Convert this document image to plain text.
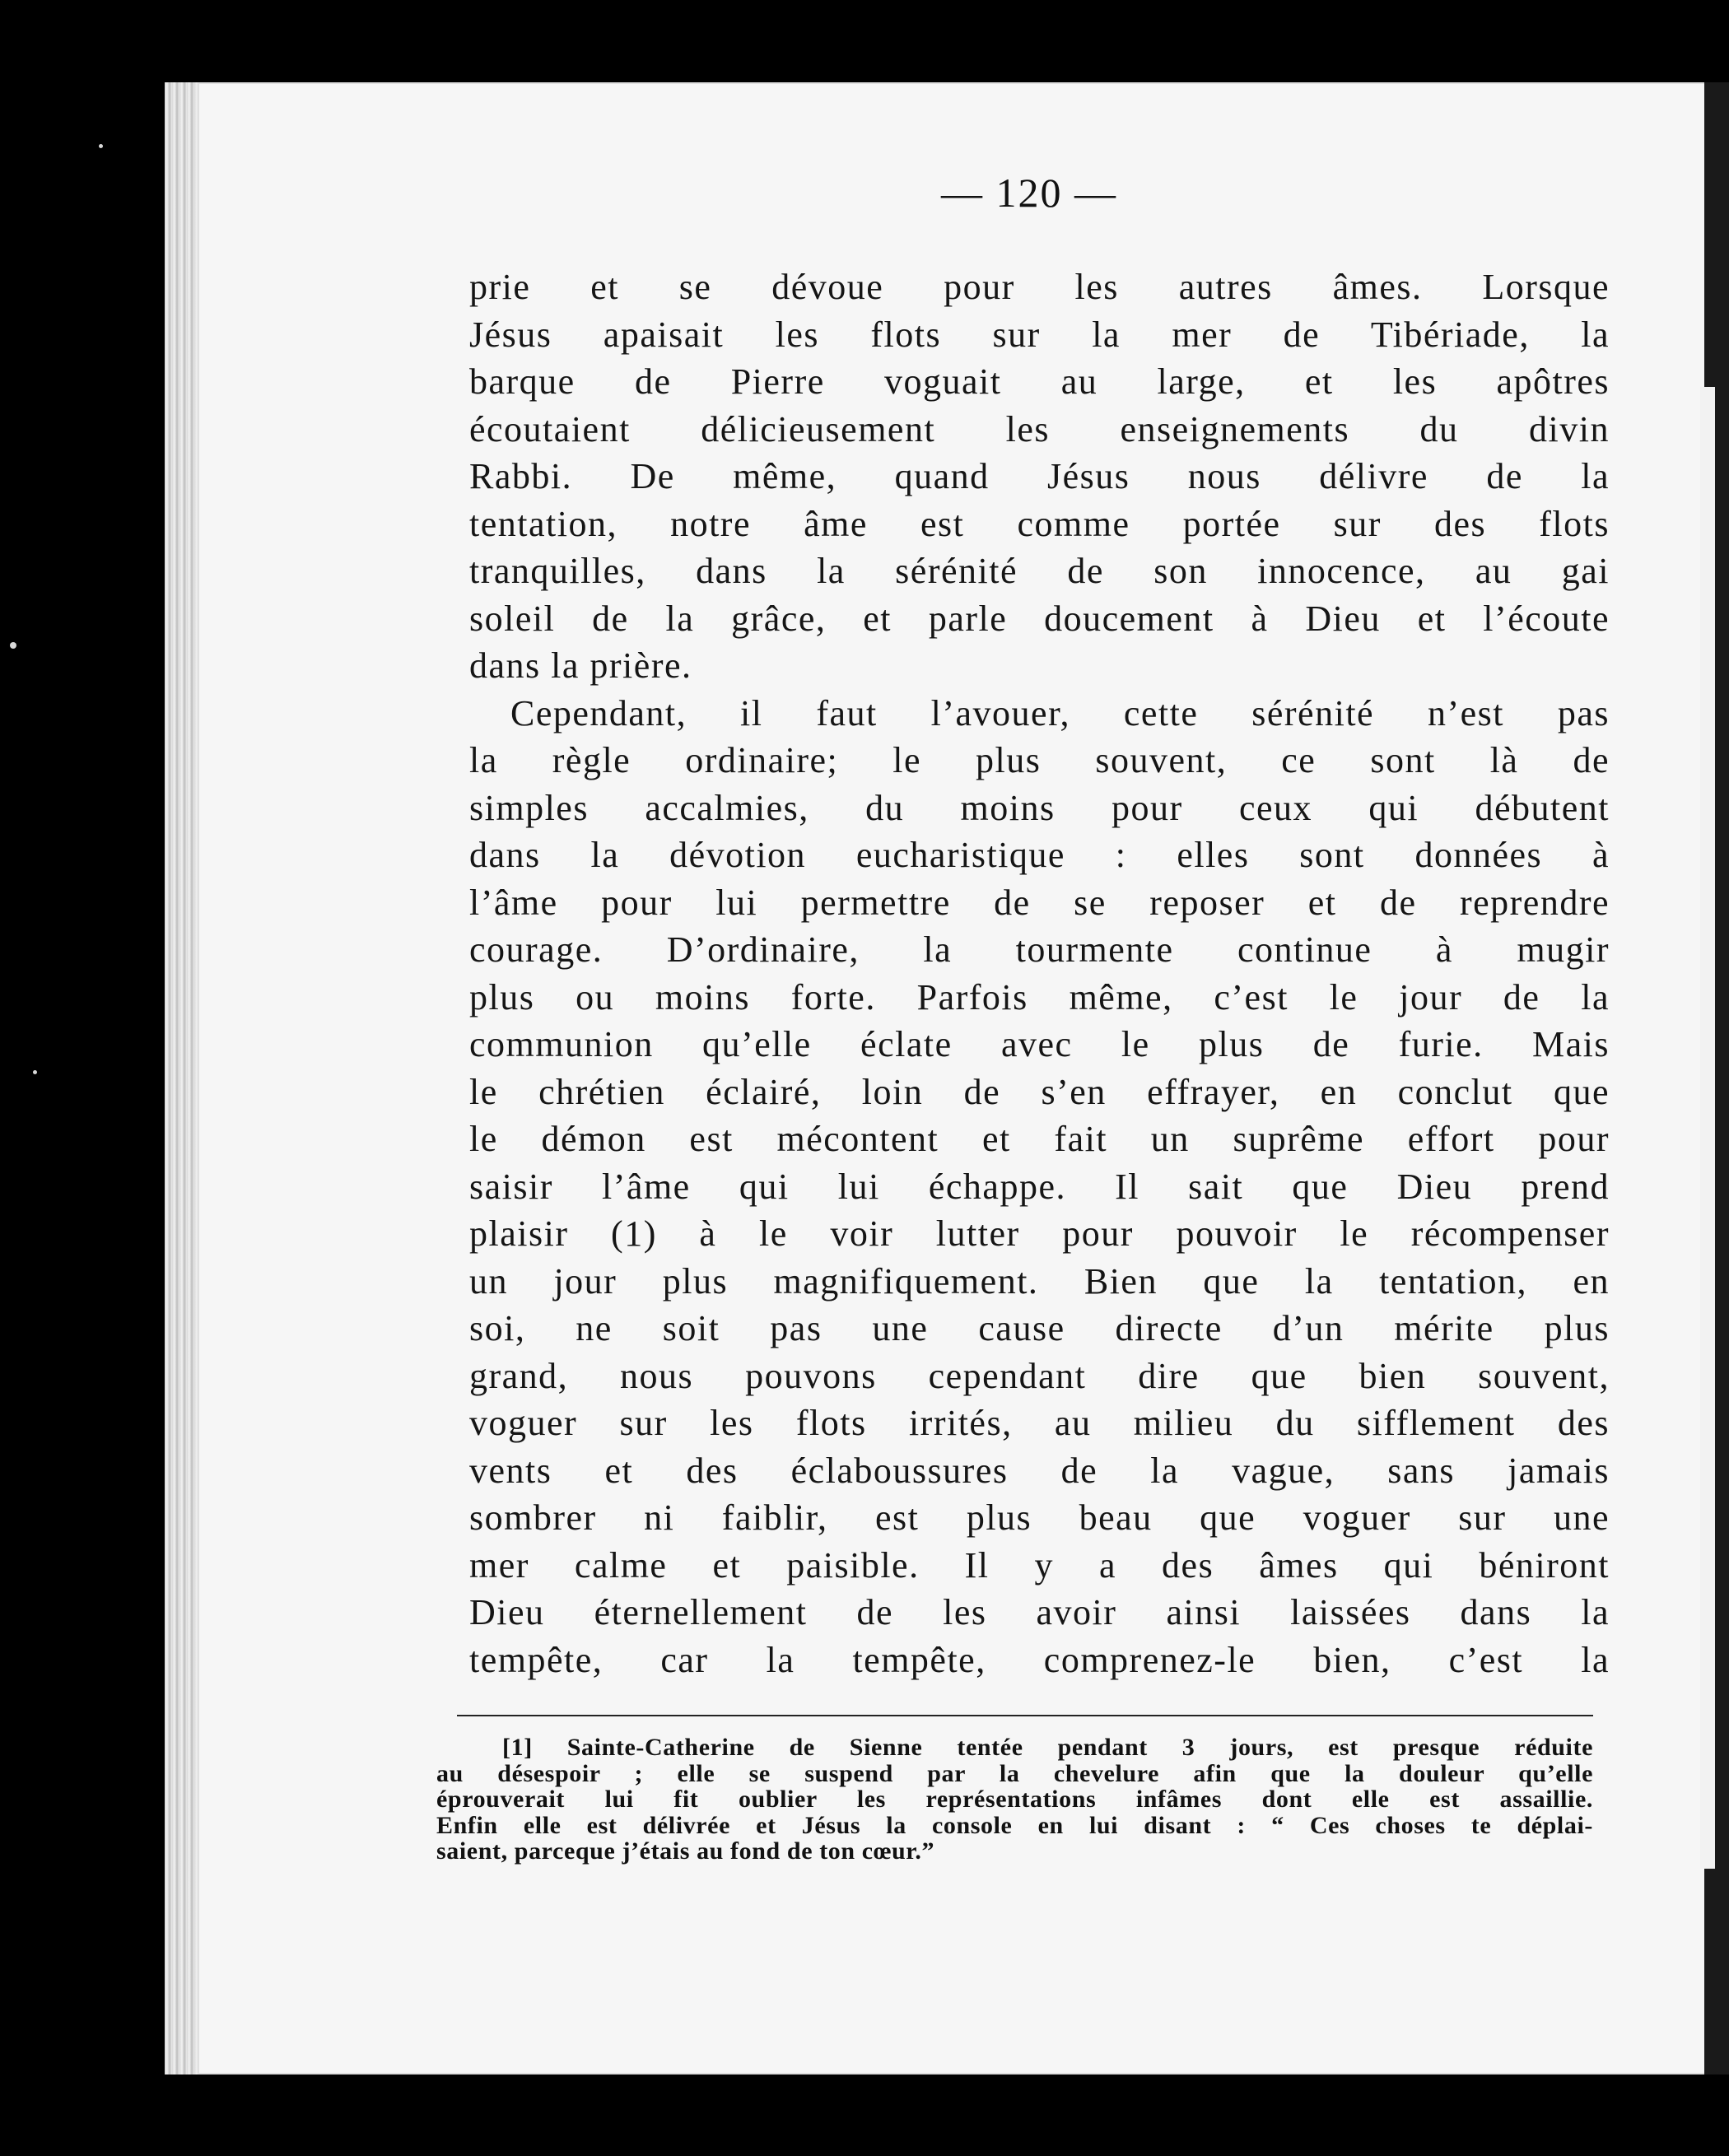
— 120 —
prie et se dévoue pour les autres âmes. Lorsque
Jésus apaisait les flots sur la mer de Tibériade, la
barque de Pierre voguait au large, et les apôtres
écoutaient délicieusement les enseignements du divin
Rabbi. De même, quand Jésus nous délivre de la
tentation, notre âme est comme portée sur des flots
tranquilles, dans la sérénité de son innocence, au gai
soleil de la grâce, et parle doucement à Dieu et l’écoute
dans la prière.
Cependant, il faut l’avouer, cette sérénité n’est pas
la règle ordinaire; le plus souvent, ce sont là de
simples accalmies, du moins pour ceux qui débutent
dans la dévotion eucharistique : elles sont données à
l’âme pour lui permettre de se reposer et de reprendre
courage. D’ordinaire, la tourmente continue à mugir
plus ou moins forte. Parfois même, c’est le jour de la
communion qu’elle éclate avec le plus de furie. Mais
le chrétien éclairé, loin de s’en effrayer, en conclut que
le démon est mécontent et fait un suprême effort pour
saisir l’âme qui lui échappe. Il sait que Dieu prend
plaisir (1) à le voir lutter pour pouvoir le récompenser
un jour plus magnifiquement. Bien que la tentation, en
soi, ne soit pas une cause directe d’un mérite plus
grand, nous pouvons cependant dire que bien souvent,
voguer sur les flots irrités, au milieu du sifflement des
vents et des éclaboussures de la vague, sans jamais
sombrer ni faiblir, est plus beau que voguer sur une
mer calme et paisible. Il y a des âmes qui béniront
Dieu éternellement de les avoir ainsi laissées dans la
tempête, car la tempête, comprenez-le bien, c’est la
[1] Sainte-Catherine de Sienne tentée pendant 3 jours, est presque réduite
au désespoir ; elle se suspend par la chevelure afin que la douleur qu’elle
éprouverait lui fit oublier les représentations infâmes dont elle est assaillie.
Enfin elle est délivrée et Jésus la console en lui disant : “ Ces choses te déplai-
saient, parceque j’étais au fond de ton cœur.”
